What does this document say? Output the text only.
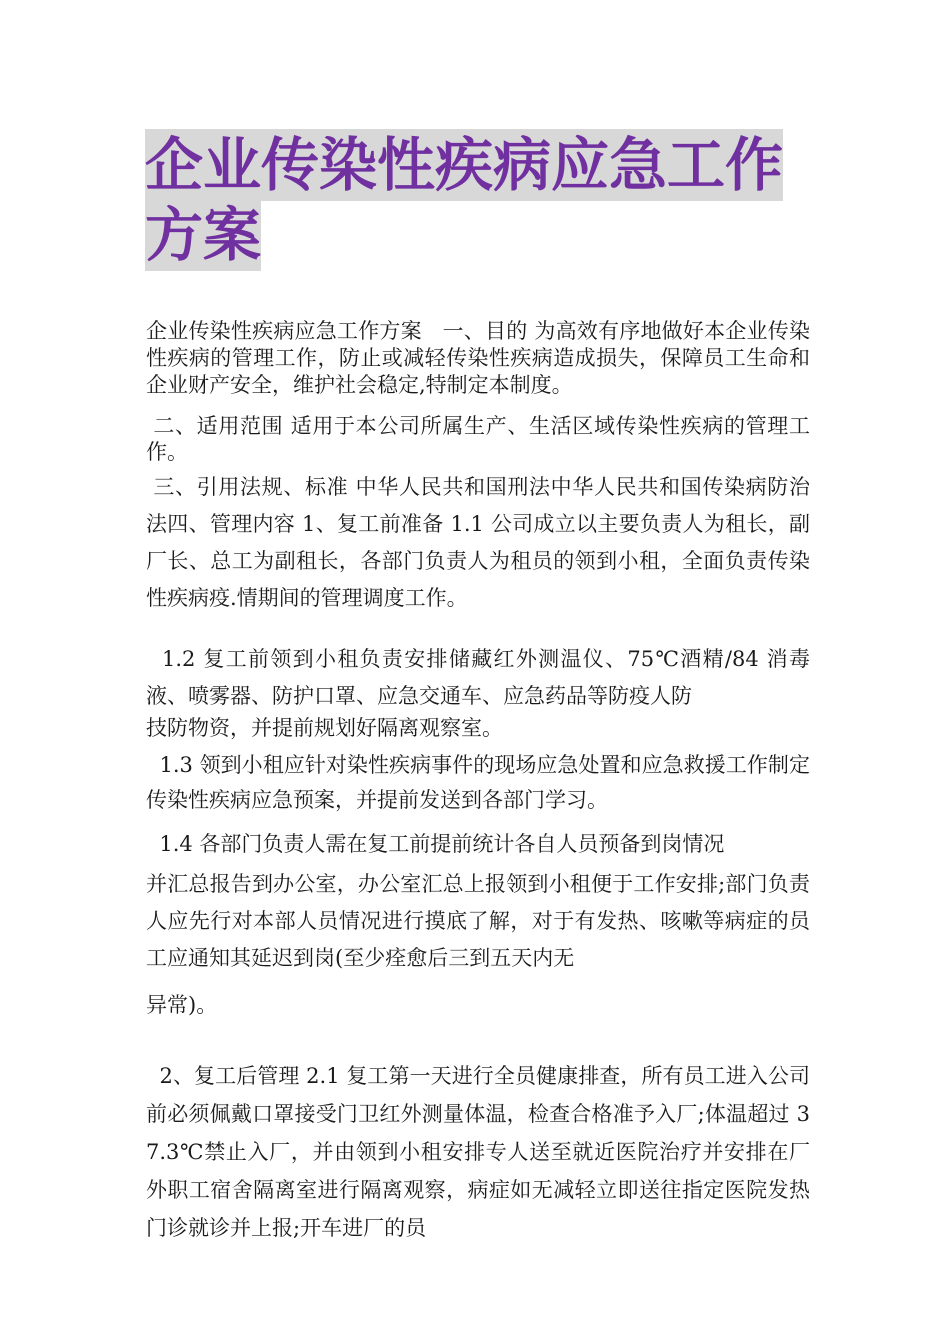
企业传染性疾病应急工作
方案

企业传染性疾病应急工作方案   一、目的 为高效有序地做好本企业传染性疾病的管理工作，防止或减轻传染性疾病造成损失，保障员工生命和企业财产安全，维护社会稳定,特制定本制度。

二、适用范围 适用于本公司所属生产、生活区域传染性疾病的管理工作。

三、引用法规、标准 中华人民共和国刑法中华人民共和国传染病防治法四、管理内容 1、复工前准备 1.1 公司成立以主要负责人为租长，副厂长、总工为副租长，各部门负责人为租员的领到小租，全面负责传染性疾病疫.情期间的管理调度工作。

1.2 复工前领到小租负责安排储藏红外测温仪、75℃酒精/84 消毒液、喷雾器、防护口罩、应急交通车、应急药品等防疫人防

技防物资，并提前规划好隔离观察室。

1.3 领到小租应针对染性疾病事件的现场应急处置和应急救援工作制定传染性疾病应急预案，并提前发送到各部门学习。

1.4 各部门负责人需在复工前提前统计各自人员预备到岗情况

并汇总报告到办公室，办公室汇总上报领到小租便于工作安排;部门负责人应先行对本部人员情况进行摸底了解，对于有发热、咳嗽等病症的员工应通知其延迟到岗(至少痊愈后三到五天内无

异常)。

2、复工后管理 2.1 复工第一天进行全员健康排查，所有员工进入公司前必须佩戴口罩接受门卫红外测量体温，检查合格准予入厂;体温超过 37.3℃禁止入厂，并由领到小租安排专人送至就近医院治疗并安排在厂外职工宿舍隔离室进行隔离观察，病症如无减轻立即送往指定医院发热门诊就诊并上报;开车进厂的员
